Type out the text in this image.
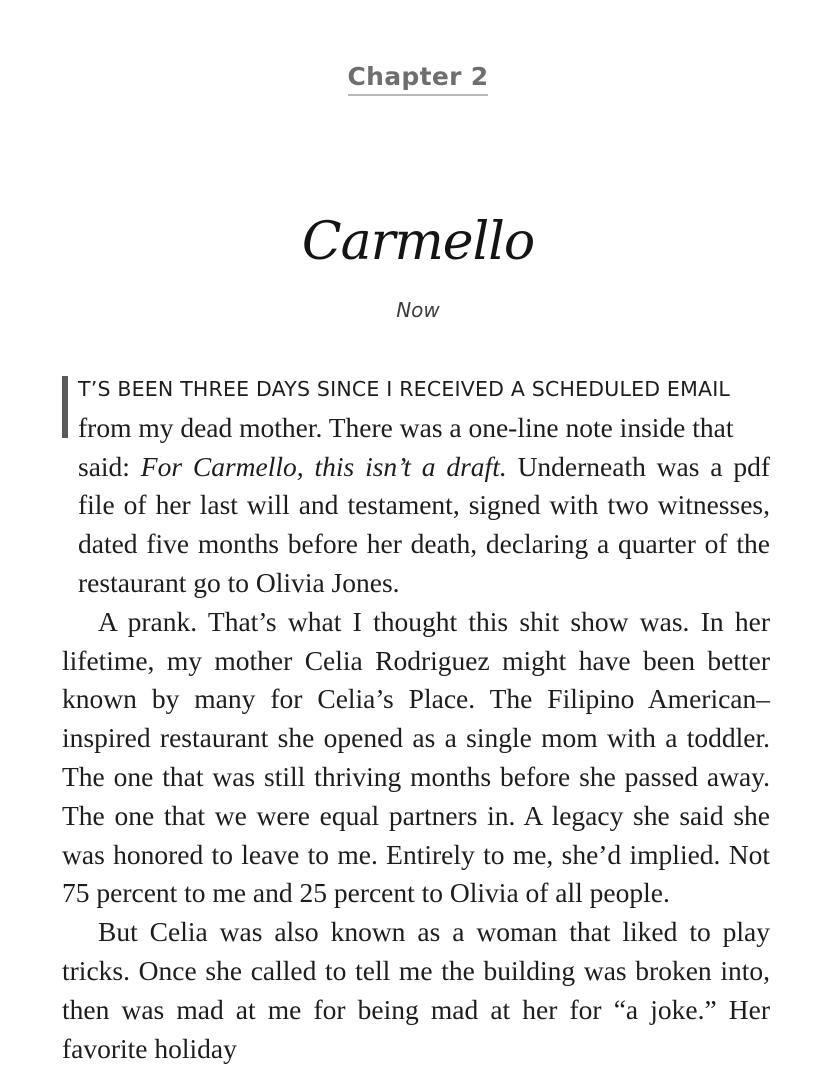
Chapter 2
Carmello
Now
T’S BEEN THREE DAYS SINCE I RECEIVED A SCHEDULED EMAIL

from my dead mother. There was a one-line note inside that

said: For Carmello, this isn’t a draft. Underneath was a pdf file of her last will and testament, signed with two witnesses, dated five months before her death, declaring a quarter of the restaurant go to Olivia Jones.

A prank. That’s what I thought this shit show was. In her lifetime, my mother Celia Rodriguez might have been better known by many for Celia’s Place. The Filipino American–inspired restaurant she opened as a single mom with a toddler. The one that was still thriving months before she passed away. The one that we were equal partners in. A legacy she said she was honored to leave to me. Entirely to me, she’d implied. Not 75 percent to me and 25 percent to Olivia of all people.

But Celia was also known as a woman that liked to play tricks. Once she called to tell me the building was broken into, then was mad at me for being mad at her for “a joke.” Her favorite holiday
